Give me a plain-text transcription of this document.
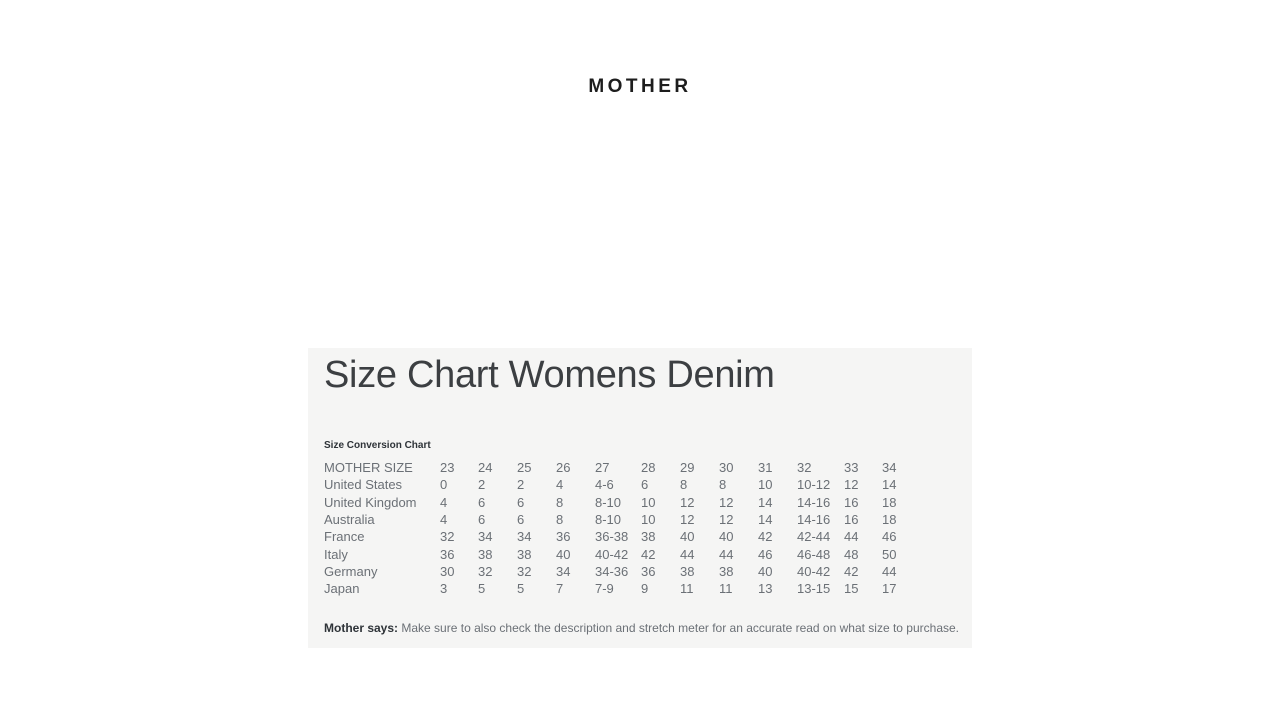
MOTHER
Size Chart Womens Denim
Size Conversion Chart
MOTHER SIZE	23	24	25	26	27	28	29	30	31	32	33	34
United States	0	2	2	4	4-6	6	8	8	10	10-12	12	14
United Kingdom	4	6	6	8	8-10	10	12	12	14	14-16	16	18
Australia	4	6	6	8	8-10	10	12	12	14	14-16	16	18
France	32	34	34	36	36-38	38	40	40	42	42-44	44	46
Italy	36	38	38	40	40-42	42	44	44	46	46-48	48	50
Germany	30	32	32	34	34-36	36	38	38	40	40-42	42	44
Japan	3	5	5	7	7-9	9	11	11	13	13-15	15	17

Mother says: Make sure to also check the description and stretch meter for an accurate read on what size to purchase.
